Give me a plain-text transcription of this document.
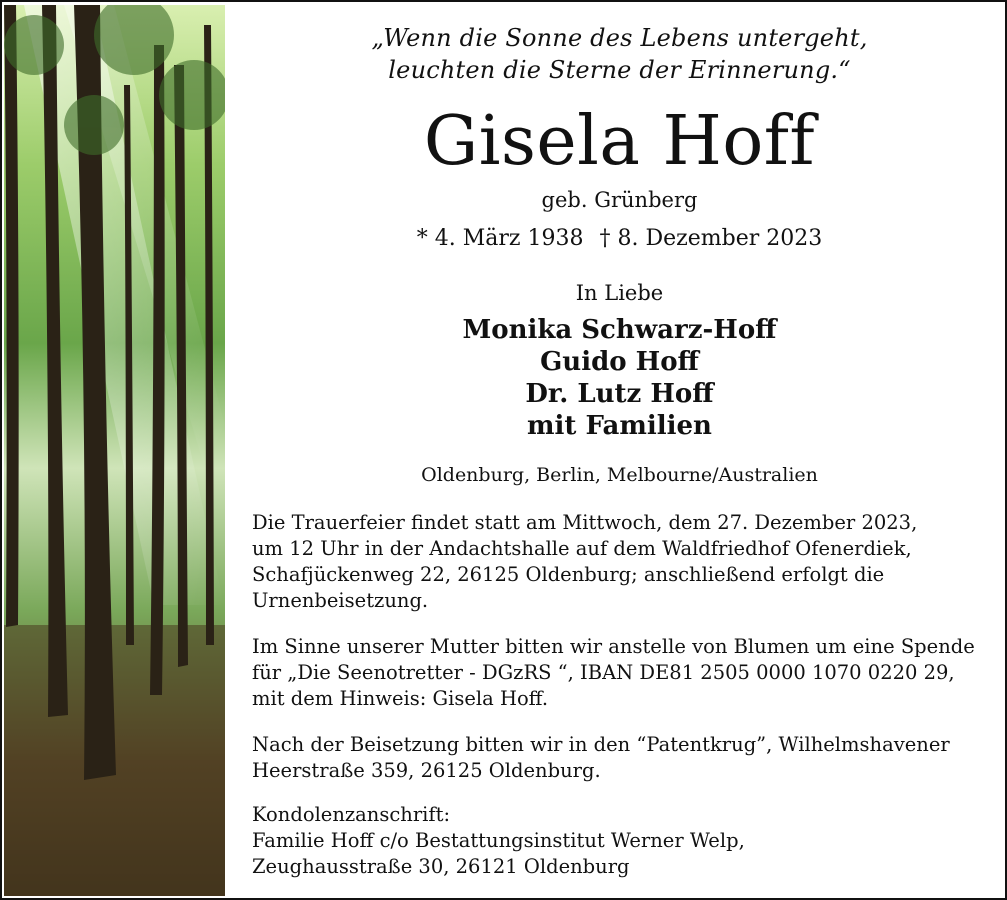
„Wenn die Sonne des Lebens untergeht,
leuchten die Sterne der Erinnerung.“
Gisela Hoff
geb. Grünberg
* 4. März 1938 † 8. Dezember 2023
In Liebe
Monika Schwarz-Hoff
Guido Hoff
Dr. Lutz Hoff
mit Familien
Oldenburg, Berlin, Melbourne/Australien
Die Trauerfeier findet statt am Mittwoch, dem 27. Dezember 2023,
um 12 Uhr in der Andachtshalle auf dem Waldfriedhof Ofenerdiek,
Schafjückenweg 22, 26125 Oldenburg; anschließend erfolgt die
Urnenbeisetzung.
Im Sinne unserer Mutter bitten wir anstelle von Blumen um eine Spende
für „Die Seenotretter - DGzRS “, IBAN DE81 2505 0000 1070 0220 29,
mit dem Hinweis: Gisela Hoff.
Nach der Beisetzung bitten wir in den “Patentkrug”, Wilhelmshavener
Heerstraße 359, 26125 Oldenburg.
Kondolenzanschrift:
Familie Hoff c/o Bestattungsinstitut Werner Welp,
Zeughausstraße 30, 26121 Oldenburg
